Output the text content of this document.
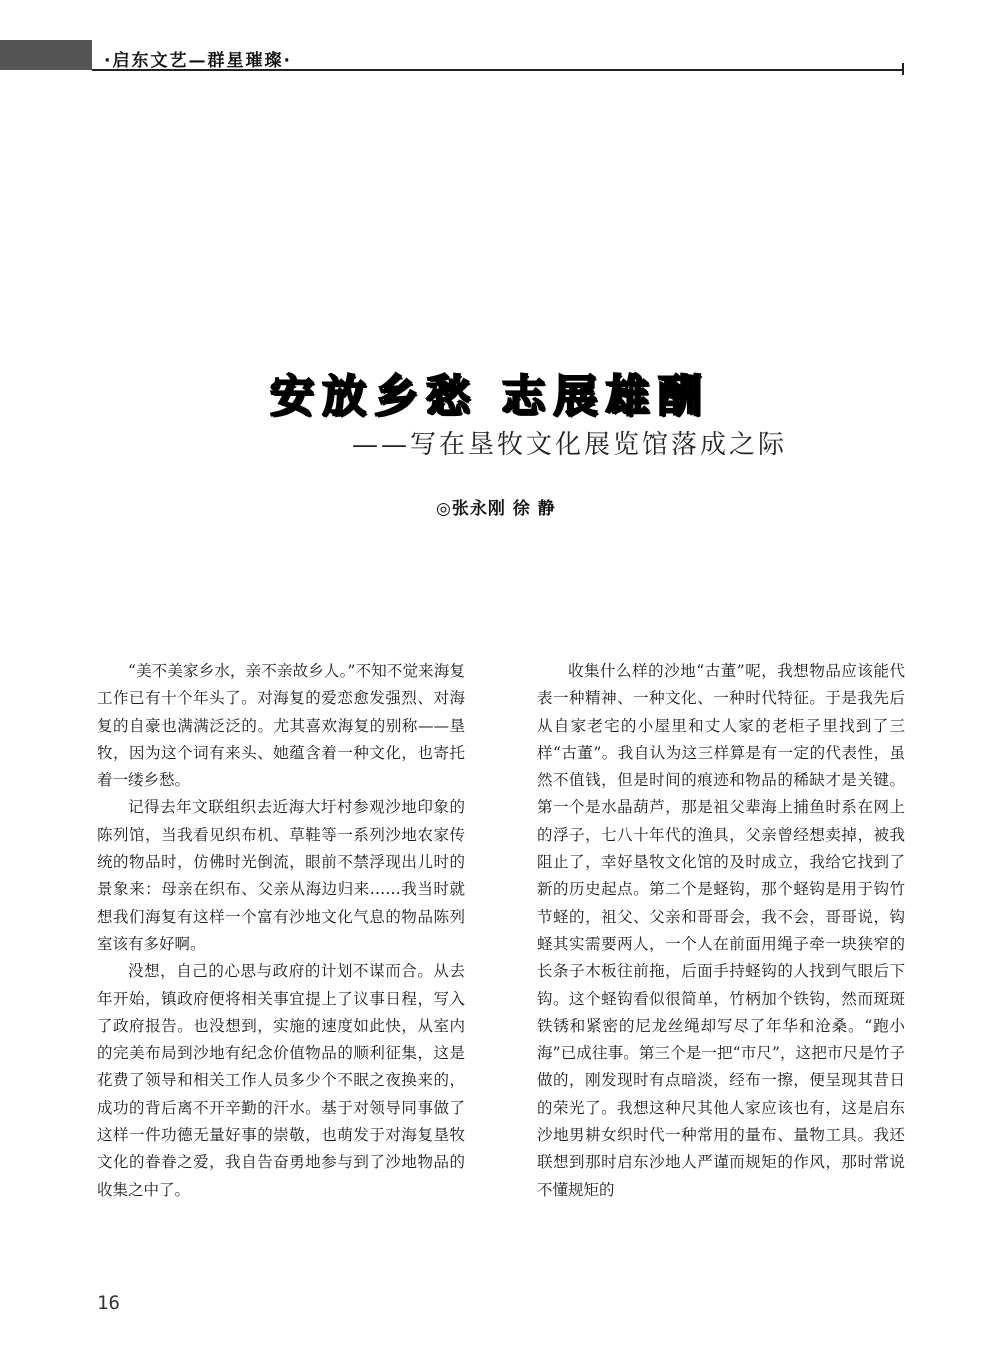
·启东文艺—群星璀璨·
安放乡愁 志展雄酬
——写在垦牧文化展览馆落成之际
◎张永刚 徐 静

“美不美家乡水，亲不亲故乡人。”不知不觉来海复工作已有十个年头了。对海复的爱恋愈发强烈、对海复的自豪也满满泛泛的。尤其喜欢海复的别称——垦牧，因为这个词有来头、她蕴含着一种文化，也寄托着一缕乡愁。

记得去年文联组织去近海大圩村参观沙地印象的陈列馆，当我看见织布机、草鞋等一系列沙地农家传统的物品时，仿佛时光倒流，眼前不禁浮现出儿时的景象来：母亲在织布、父亲从海边归来……我当时就想我们海复有这样一个富有沙地文化气息的物品陈列室该有多好啊。

没想，自己的心思与政府的计划不谋而合。从去年开始，镇政府便将相关事宜提上了议事日程，写入了政府报告。也没想到，实施的速度如此快，从室内的完美布局到沙地有纪念价值物品的顺利征集，这是花费了领导和相关工作人员多少个不眠之夜换来的，成功的背后离不开辛勤的汗水。基于对领导同事做了这样一件功德无量好事的崇敬，也萌发于对海复垦牧文化的眷眷之爱，我自告奋勇地参与到了沙地物品的收集之中了。

收集什么样的沙地“古董”呢，我想物品应该能代表一种精神、一种文化、一种时代特征。于是我先后从自家老宅的小屋里和丈人家的老柜子里找到了三样“古董”。我自认为这三样算是有一定的代表性，虽然不值钱，但是时间的痕迹和物品的稀缺才是关键。第一个是水晶葫芦，那是祖父辈海上捕鱼时系在网上的浮子，七八十年代的渔具，父亲曾经想卖掉，被我阻止了，幸好垦牧文化馆的及时成立，我给它找到了新的历史起点。第二个是蛏钩，那个蛏钩是用于钩竹节蛏的，祖父、父亲和哥哥会，我不会，哥哥说，钩蛏其实需要两人，一个人在前面用绳子牵一块狭窄的长条子木板往前拖，后面手持蛏钩的人找到气眼后下钩。这个蛏钩看似很简单，竹柄加个铁钩，然而斑斑铁锈和紧密的尼龙丝绳却写尽了年华和沧桑。“跑小海”已成往事。第三个是一把“市尺”，这把市尺是竹子做的，刚发现时有点暗淡，经布一擦，便呈现其昔日的荣光了。我想这种尺其他人家应该也有，这是启东沙地男耕女织时代一种常用的量布、量物工具。我还联想到那时启东沙地人严谨而规矩的作风，那时常说不懂规矩的

16
